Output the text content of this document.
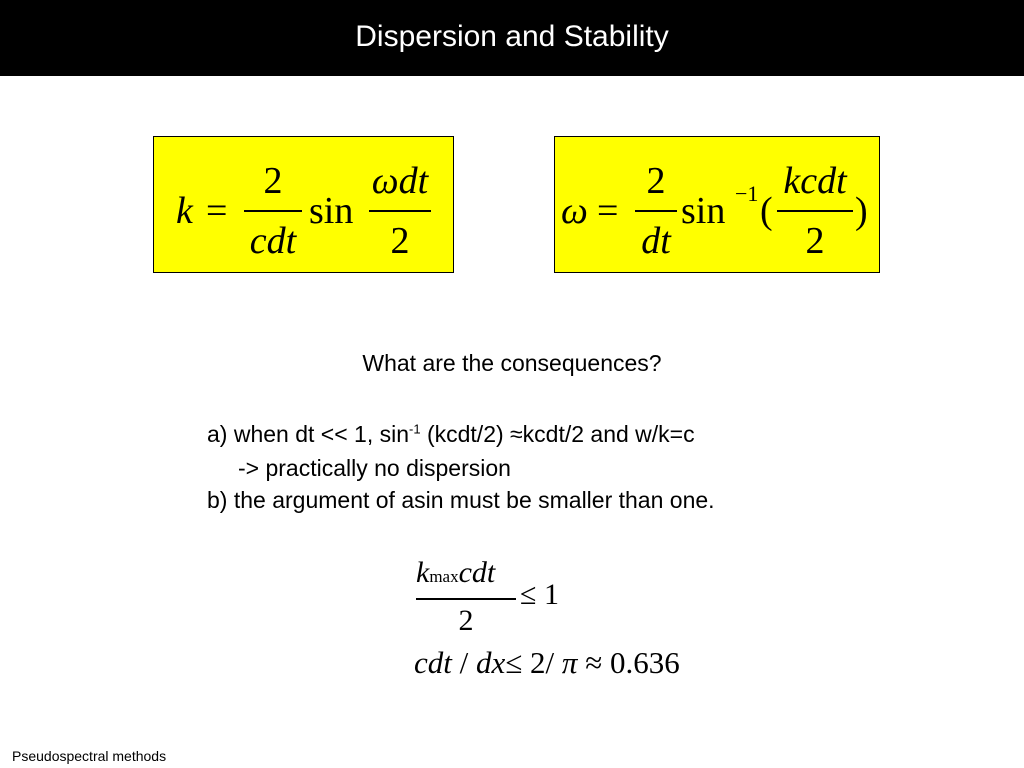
Dispersion and Stability
k =
2
cdt
sin
ωdt
2
ω =
2
dt
sin −1 (
kcdt
2
)
What are the consequences?
a) when dt << 1, $\sin^{-1}$ (kcdt/2) ≈kcdt/2 and w/k=c
-> practically no dispersion
b) the argument of asin must be smaller than one.
kmaxcdt
2
≤ 1
cdt / dx≤ 2/ π ≈ 0.636
Pseudospectral methods
